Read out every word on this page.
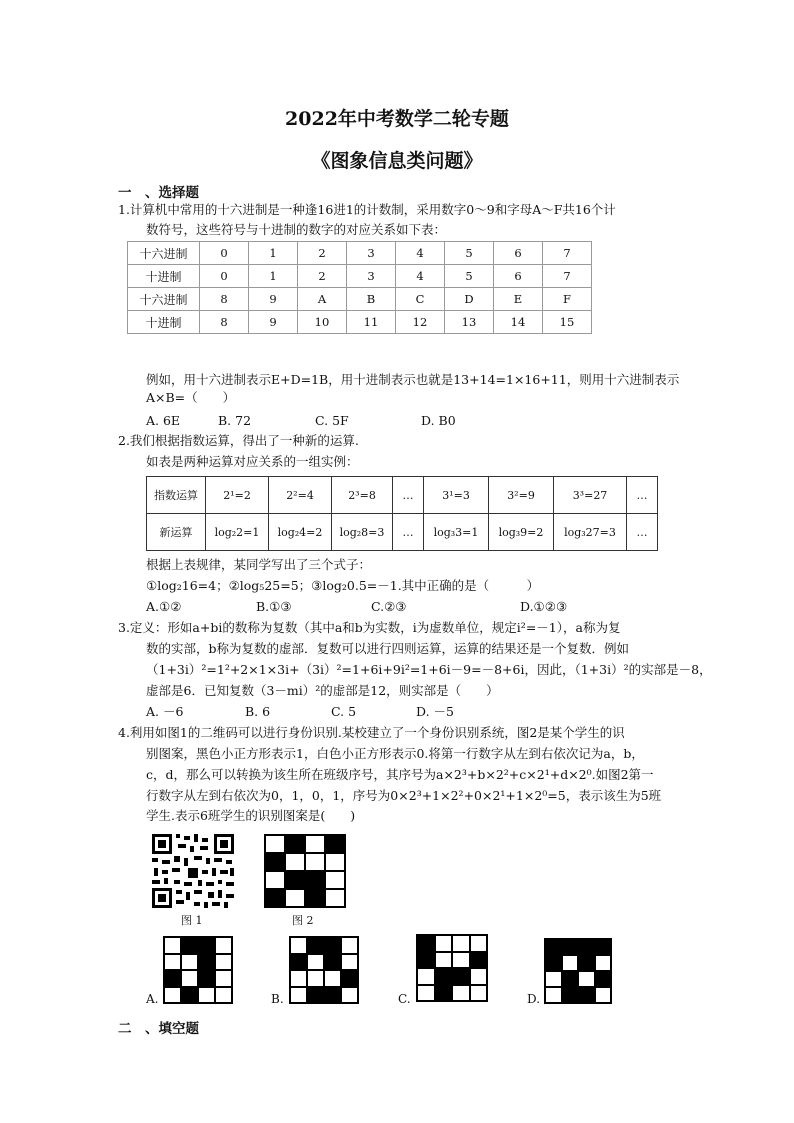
2022年中考数学二轮专题
《图象信息类问题》
一　、选择题
1.计算机中常用的十六进制是一种逢16进1的计数制，采用数字0～9和字母A～F共16个计
数符号，这些符号与十进制的数字的对应关系如下表：
十六进制	0	1	2	3	4	5	6	7
十进制	0	1	2	3	4	5	6	7
十六进制	8	9	A	B	C	D	E	F
十进制	8	9	10	11	12	13	14	15
例如，用十六进制表示E+D=1B，用十进制表示也就是13+14=1×16+11，则用十六进制表示
A×B=（　　）
A. 6E	B. 72	C. 5F	D. B0
2.我们根据指数运算，得出了一种新的运算.
如表是两种运算对应关系的一组实例：
指数运算	2¹=2	2²=4	2³=8	…	3¹=3	3²=9	3³=27	…
新运算	log₂2=1	log₂4=2	log₂8=3	…	log₃3=1	log₃9=2	log₃27=3	…
根据上表规律，某同学写出了三个式子：
①log₂16=4；②log₅25=5；③log₂0.5=－1.其中正确的是（　　　）
A.①②	B.①③	C.②③	D.①②③
3.定义：形如a+bi的数称为复数（其中a和b为实数，i为虚数单位，规定i²=－1），a称为复
数的实部，b称为复数的虚部．复数可以进行四则运算，运算的结果还是一个复数．例如
（1+3i）²=1²+2×1×3i+（3i）²=1+6i+9i²=1+6i－9=－8+6i，因此，（1+3i）²的实部是－8，
虚部是6．已知复数（3－mi）²的虚部是12，则实部是（　　）
A. －6	B. 6	C. 5	D. －5
4.利用如图1的二维码可以进行身份识别.某校建立了一个身份识别系统，图2是某个学生的识
别图案，黑色小正方形表示1，白色小正方形表示0.将第一行数字从左到右依次记为a，b，
c，d，那么可以转换为该生所在班级序号，其序号为a×2³+b×2²+c×2¹+d×2⁰.如图2第一
行数字从左到右依次为0，1，0，1，序号为0×2³+1×2²+0×2¹+1×2⁰=5，表示该生为5班
学生.表示6班学生的识别图案是(　　)
图 1	图 2
A.	B.	C.	D.
二　、填空题
